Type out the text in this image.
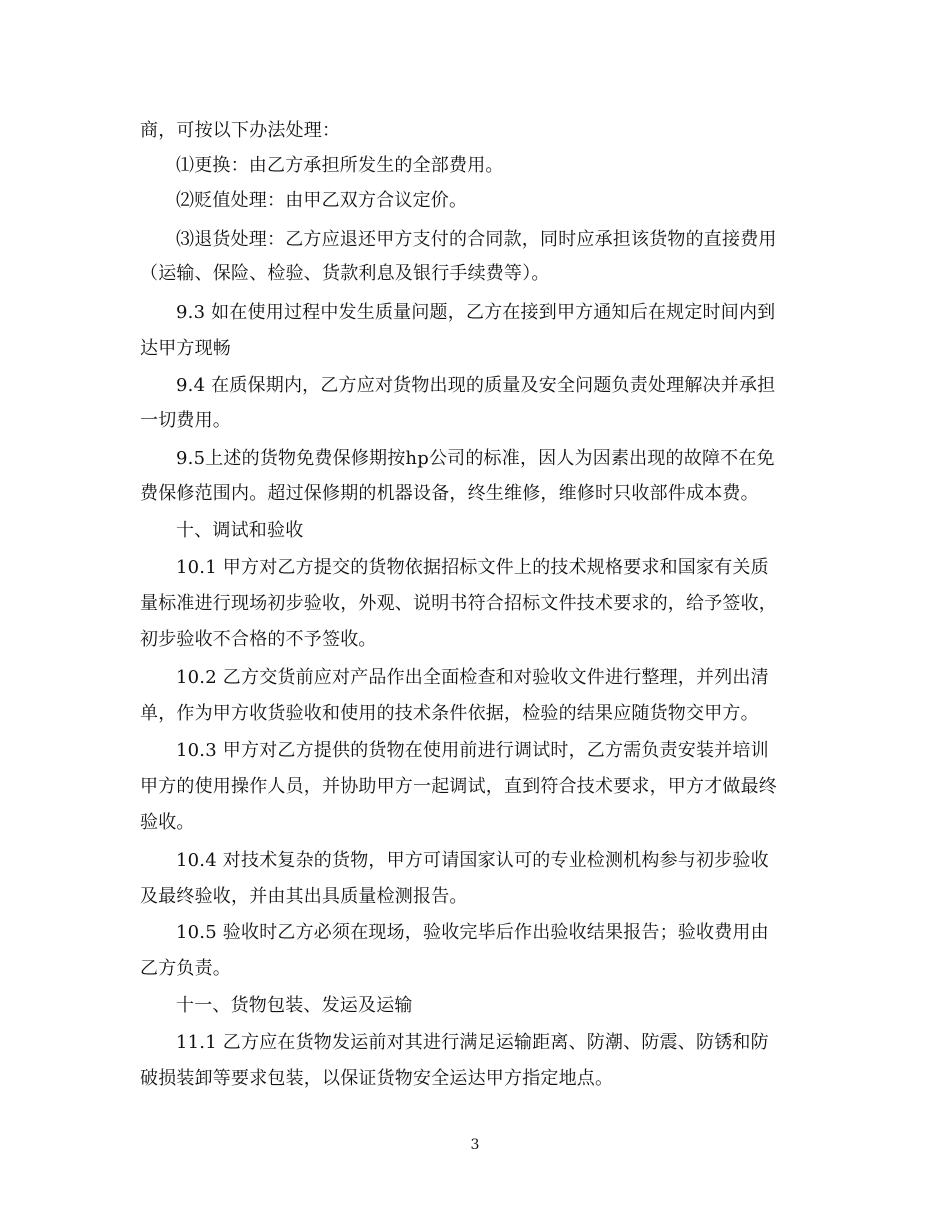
商，可按以下办法处理：
⑴更换：由乙方承担所发生的全部费用。
⑵贬值处理：由甲乙双方合议定价。
⑶退货处理：乙方应退还甲方支付的合同款，同时应承担该货物的直接费用
（运输、保险、检验、货款利息及银行手续费等）。
9.3 如在使用过程中发生质量问题，乙方在接到甲方通知后在规定时间内到
达甲方现畅
9.4 在质保期内，乙方应对货物出现的质量及安全问题负责处理解决并承担
一切费用。
9.5上述的货物免费保修期按hp公司的标准，因人为因素出现的故障不在免
费保修范围内。超过保修期的机器设备，终生维修，维修时只收部件成本费。
十、调试和验收
10.1 甲方对乙方提交的货物依据招标文件上的技术规格要求和国家有关质
量标准进行现场初步验收，外观、说明书符合招标文件技术要求的，给予签收，
初步验收不合格的不予签收。
10.2 乙方交货前应对产品作出全面检查和对验收文件进行整理，并列出清
单，作为甲方收货验收和使用的技术条件依据，检验的结果应随货物交甲方。
10.3 甲方对乙方提供的货物在使用前进行调试时，乙方需负责安装并培训
甲方的使用操作人员，并协助甲方一起调试，直到符合技术要求，甲方才做最终
验收。
10.4 对技术复杂的货物，甲方可请国家认可的专业检测机构参与初步验收
及最终验收，并由其出具质量检测报告。
10.5 验收时乙方必须在现场，验收完毕后作出验收结果报告；验收费用由
乙方负责。
十一、货物包装、发运及运输
11.1 乙方应在货物发运前对其进行满足运输距离、防潮、防震、防锈和防
破损装卸等要求包装，以保证货物安全运达甲方指定地点。
3
